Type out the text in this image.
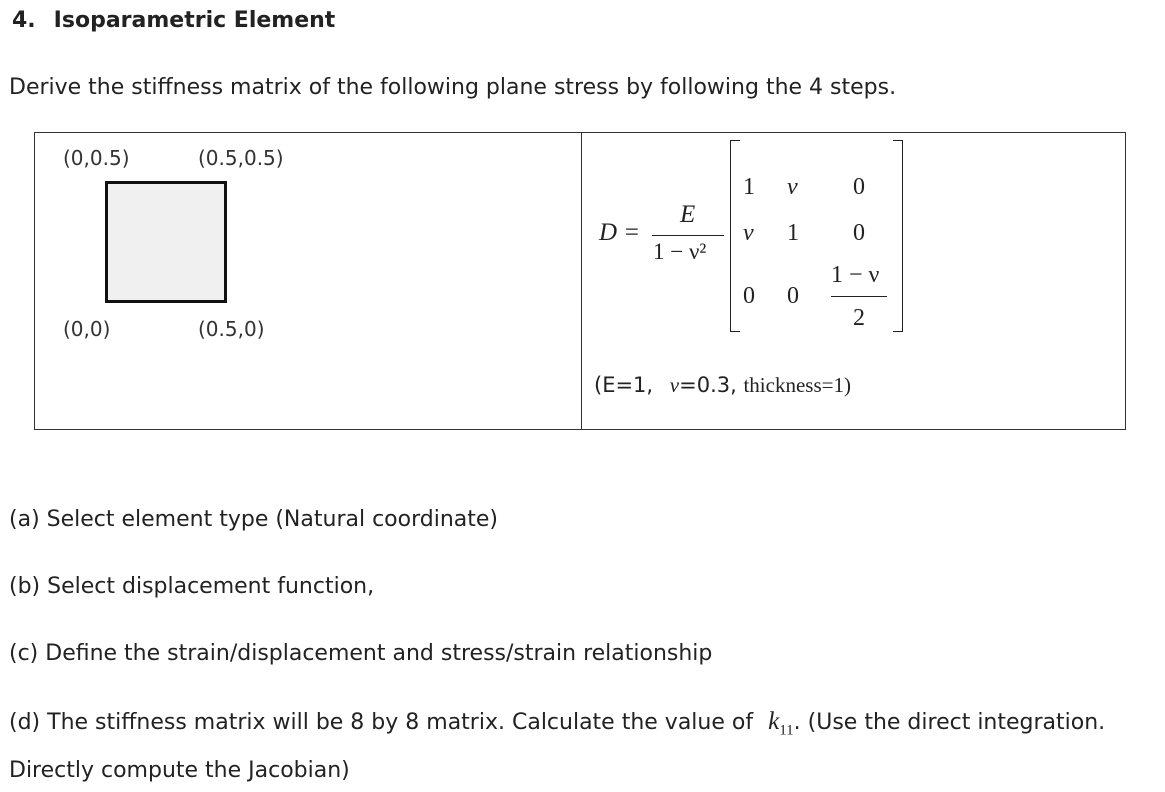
4. Isoparametric Element
Derive the stiffness matrix of the following plane stress by following the 4 steps.
(0,0.5)	(0.5,0.5)
(0,0)	(0.5,0)
D =
E
1 − ν²
1 ν 0
ν 1 0
0 0
1 − ν
2
(E=1, ν=0.3, thickness=1)
(a) Select element type (Natural coordinate)
(b) Select displacement function,
(c) Define the strain/displacement and stress/strain relationship
(d) The stiffness matrix will be 8 by 8 matrix. Calculate the value of $k_{11}$. (Use the direct integration.
Directly compute the Jacobian)
